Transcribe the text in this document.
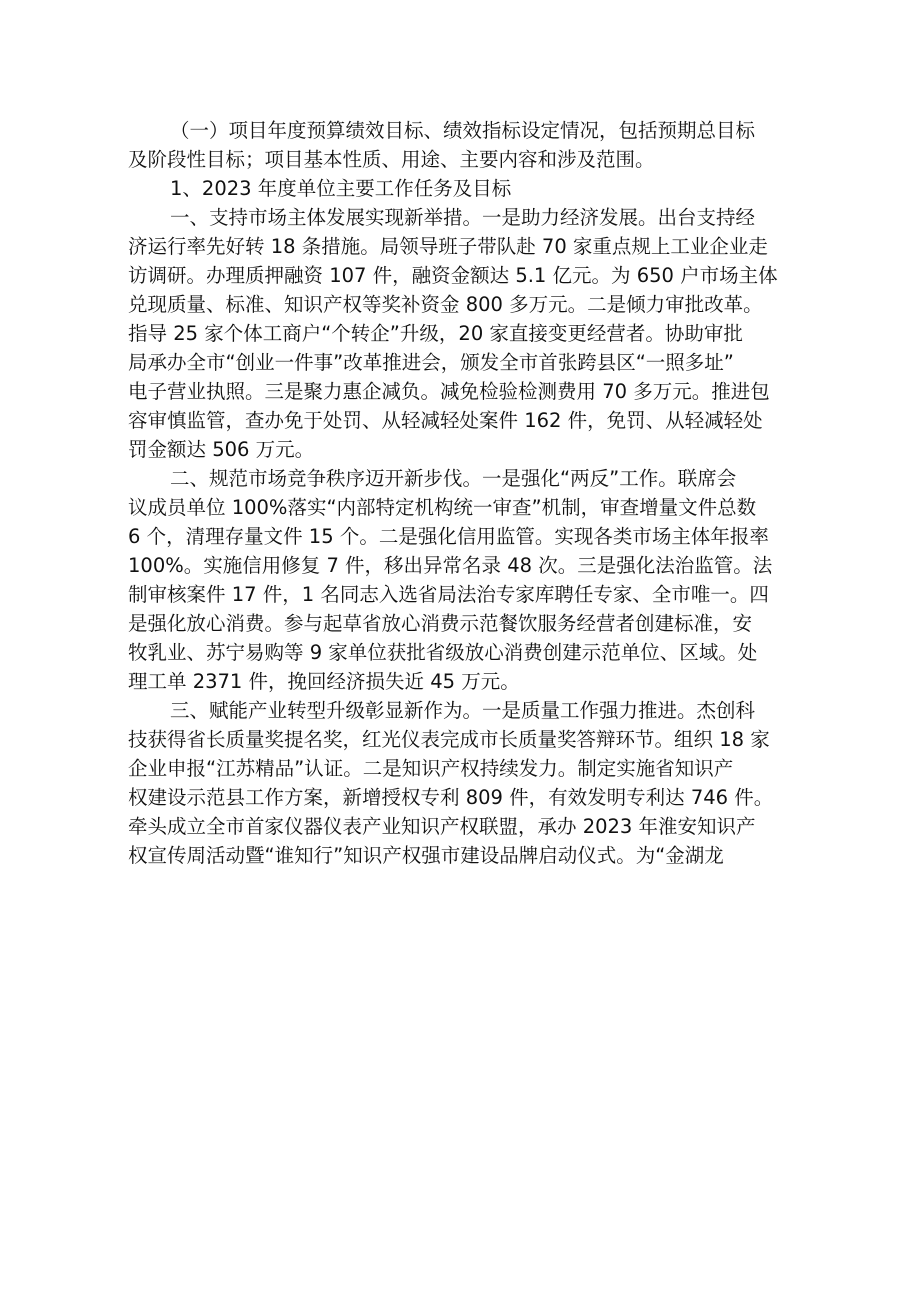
（一）项目年度预算绩效目标、绩效指标设定情况，包括预期总目标
及阶段性目标；项目基本性质、用途、主要内容和涉及范围。
1、2023 年度单位主要工作任务及目标
一、支持市场主体发展实现新举措。一是助力经济发展。出台支持经
济运行率先好转 18 条措施。局领导班子带队赴 70 家重点规上工业企业走
访调研。办理质押融资 107 件，融资金额达 5.1 亿元。为 650 户市场主体
兑现质量、标准、知识产权等奖补资金 800 多万元。二是倾力审批改革。
指导 25 家个体工商户“个转企”升级，20 家直接变更经营者。协助审批
局承办全市“创业一件事”改革推进会，颁发全市首张跨县区“一照多址”
电子营业执照。三是聚力惠企减负。减免检验检测费用 70 多万元。推进包
容审慎监管，查办免于处罚、从轻减轻处案件 162 件，免罚、从轻减轻处
罚金额达 506 万元。
二、规范市场竞争秩序迈开新步伐。一是强化“两反”工作。联席会
议成员单位 100%落实“内部特定机构统一审查”机制，审查增量文件总数
6 个，清理存量文件 15 个。二是强化信用监管。实现各类市场主体年报率
100%。实施信用修复 7 件，移出异常名录 48 次。三是强化法治监管。法
制审核案件 17 件，1 名同志入选省局法治专家库聘任专家、全市唯一。四
是强化放心消费。参与起草省放心消费示范餐饮服务经营者创建标准，安
牧乳业、苏宁易购等 9 家单位获批省级放心消费创建示范单位、区域。处
理工单 2371 件，挽回经济损失近 45 万元。
三、赋能产业转型升级彰显新作为。一是质量工作强力推进。杰创科
技获得省长质量奖提名奖，红光仪表完成市长质量奖答辩环节。组织 18 家
企业申报“江苏精品”认证。二是知识产权持续发力。制定实施省知识产
权建设示范县工作方案，新增授权专利 809 件，有效发明专利达 746 件。
牵头成立全市首家仪器仪表产业知识产权联盟，承办 2023 年淮安知识产
权宣传周活动暨“谁知行”知识产权强市建设品牌启动仪式。为“金湖龙
